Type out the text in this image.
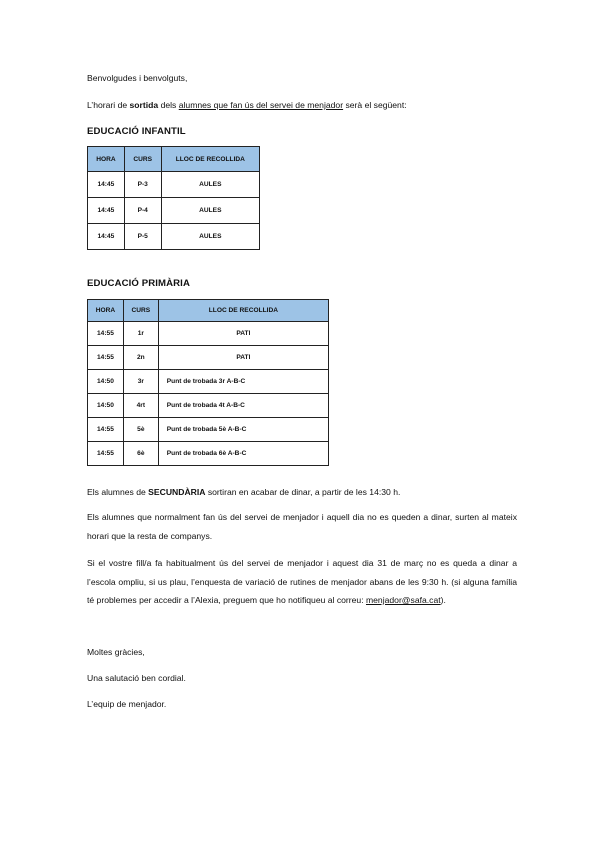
Benvolgudes i benvolguts,
L’horari de sortida dels alumnes que fan ús del servei de menjador serà el següent:
EDUCACIÓ INFANTIL
HORA	CURS	LLOC DE RECOLLIDA
14:45	P-3	AULES
14:45	P-4	AULES
14:45	P-5	AULES
EDUCACIÓ PRIMÀRIA
HORA	CURS	LLOC DE RECOLLIDA
14:55	1r	PATI
14:55	2n	PATI
14:50	3r	Punt de trobada 3r A-B-C
14:50	4rt	Punt de trobada 4t A-B-C
14:55	5è	Punt de trobada 5è A-B-C
14:55	6è	Punt de trobada 6è A-B-C
Els alumnes de SECUNDÀRIA sortiran en acabar de dinar, a partir de les 14:30 h.
Els alumnes que normalment fan ús del servei de menjador i aquell dia no es queden a dinar, surten al mateix horari que la resta de companys.
Si el vostre fill/a fa habitualment ús del servei de menjador i aquest dia 31 de març no es queda a dinar a l’escola ompliu, si us plau, l’enquesta de variació de rutines de menjador abans de les 9:30 h. (si alguna família té problemes per accedir a l’Alexia, preguem que ho notifiqueu al correu: menjador@safa.cat).
Moltes gràcies,
Una salutació ben cordial.
L’equip de menjador.
